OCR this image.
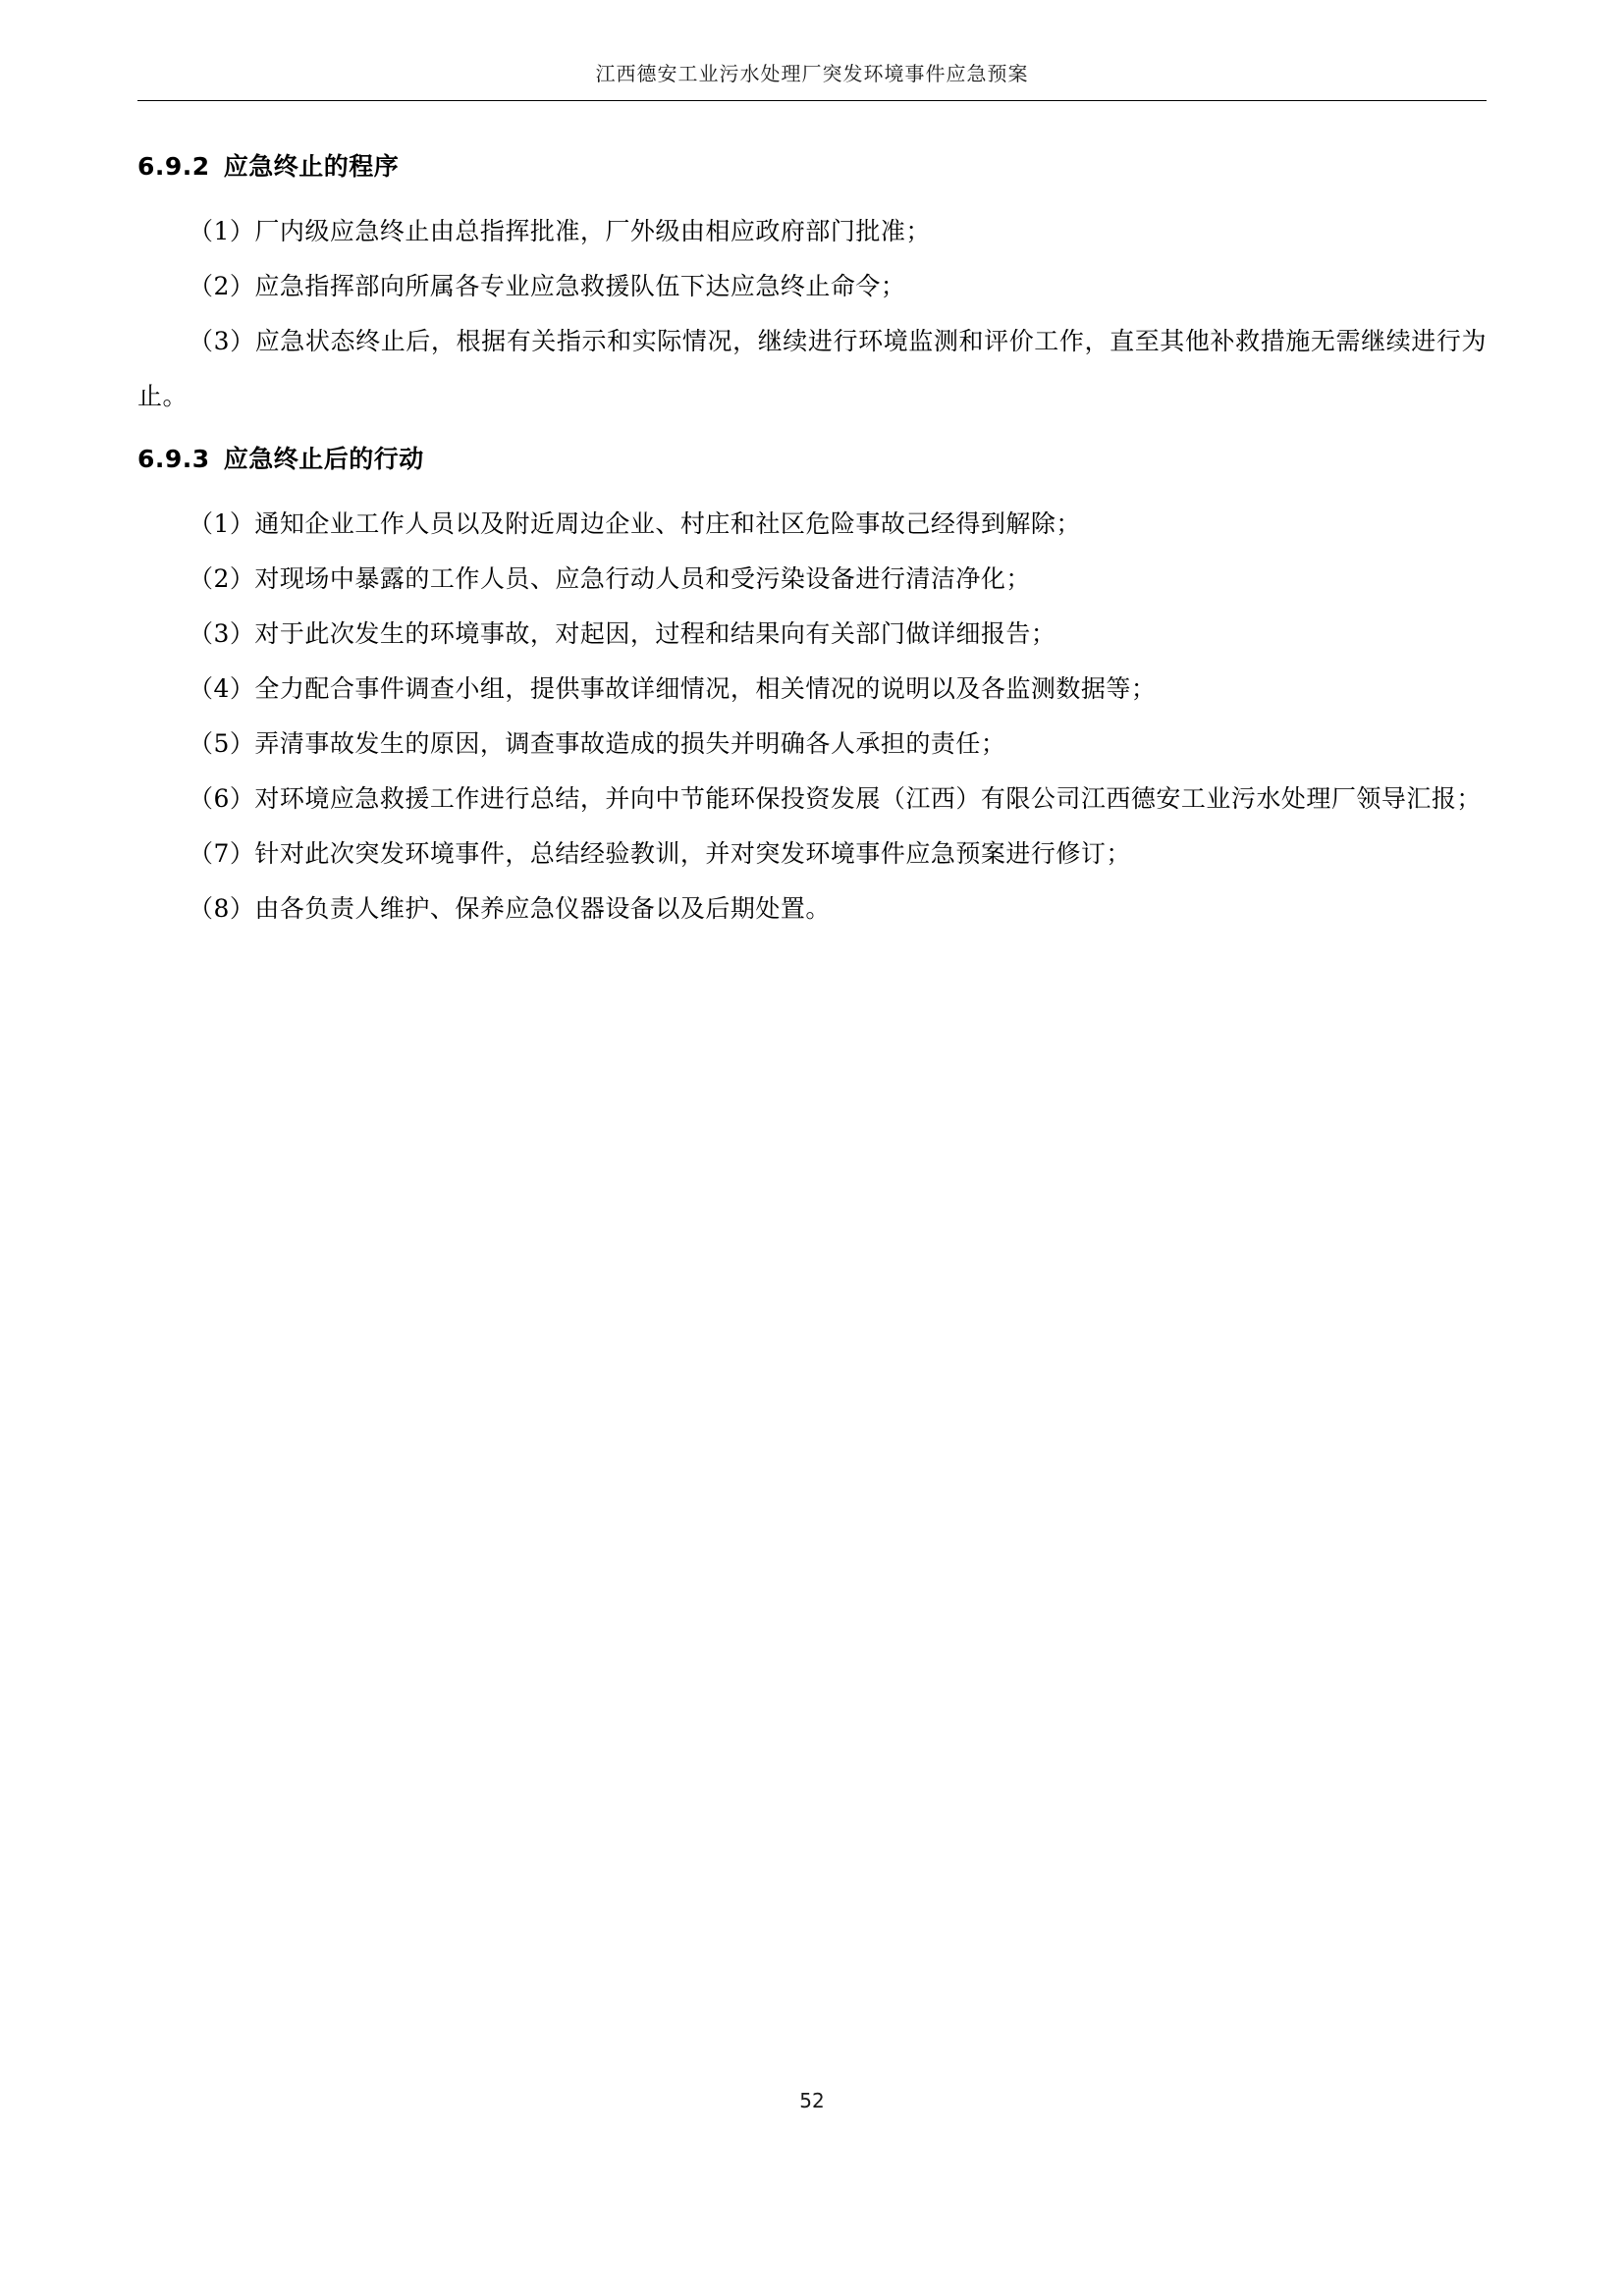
江西德安工业污水处理厂突发环境事件应急预案
6.9.2 应急终止的程序

（1）厂内级应急终止由总指挥批准，厂外级由相应政府部门批准；

（2）应急指挥部向所属各专业应急救援队伍下达应急终止命令；

（3）应急状态终止后，根据有关指示和实际情况，继续进行环境监测和评价工作，直至其他补救措施无需继续进行为止。

6.9.3 应急终止后的行动

（1）通知企业工作人员以及附近周边企业、村庄和社区危险事故己经得到解除；

（2）对现场中暴露的工作人员、应急行动人员和受污染设备进行清洁净化；

（3）对于此次发生的环境事故，对起因，过程和结果向有关部门做详细报告；

（4）全力配合事件调查小组，提供事故详细情况，相关情况的说明以及各监测数据等；

（5）弄清事故发生的原因，调查事故造成的损失并明确各人承担的责任；

（6）对环境应急救援工作进行总结，并向中节能环保投资发展（江西）有限公司江西德安工业污水处理厂领导汇报；

（7）针对此次突发环境事件，总结经验教训，并对突发环境事件应急预案进行修订；

（8）由各负责人维护、保养应急仪器设备以及后期处置。

52
